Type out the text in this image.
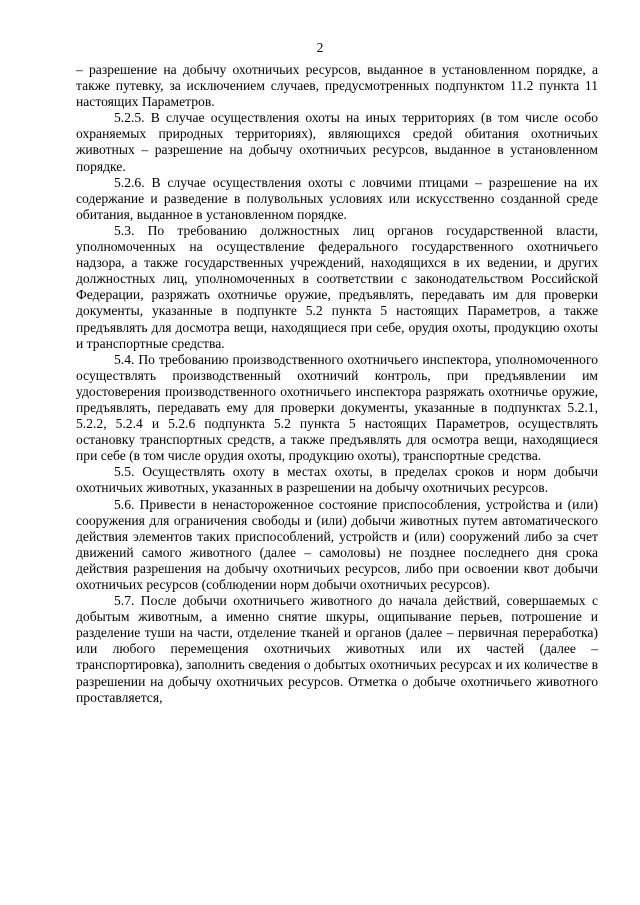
2

– разрешение на добычу охотничьих ресурсов, выданное в установленном порядке, а также путевку, за исключением случаев, предусмотренных подпунктом 11.2 пункта 11 настоящих Параметров.

5.2.5. В случае осуществления охоты на иных территориях (в том числе особо охраняемых природных территориях), являющихся средой обитания охотничьих животных – разрешение на добычу охотничьих ресурсов, выданное в установленном порядке.

5.2.6. В случае осуществления охоты с ловчими птицами – разрешение на их содержание и разведение в полувольных условиях или искусственно созданной среде обитания, выданное в установленном порядке.

5.3. По требованию должностных лиц органов государственной власти, уполномоченных на осуществление федерального государственного охотничьего надзора, а также государственных учреждений, находящихся в их ведении, и других должностных лиц, уполномоченных в соответствии с законодательством Российской Федерации, разряжать охотничье оружие, предъявлять, передавать им для проверки документы, указанные в подпункте 5.2 пункта 5 настоящих Параметров, а также предъявлять для досмотра вещи, находящиеся при себе, орудия охоты, продукцию охоты и транспортные средства.

5.4. По требованию производственного охотничьего инспектора, уполномоченного осуществлять производственный охотничий контроль, при предъявлении им удостоверения производственного охотничьего инспектора разряжать охотничье оружие, предъявлять, передавать ему для проверки документы, указанные в подпунктах 5.2.1, 5.2.2, 5.2.4 и 5.2.6 подпункта 5.2 пункта 5 настоящих Параметров, осуществлять остановку транспортных средств, а также предъявлять для осмотра вещи, находящиеся при себе (в том числе орудия охоты, продукцию охоты), транспортные средства.

5.5. Осуществлять охоту в местах охоты, в пределах сроков и норм добычи охотничьих животных, указанных в разрешении на добычу охотничьих ресурсов.

5.6. Привести в ненастороженное состояние приспособления, устройства и (или) сооружения для ограничения свободы и (или) добычи животных путем автоматического действия элементов таких приспособлений, устройств и (или) сооружений либо за счет движений самого животного (далее – самоловы) не позднее последнего дня срока действия разрешения на добычу охотничьих ресурсов, либо при освоении квот добычи охотничьих ресурсов (соблюдении норм добычи охотничьих ресурсов).

5.7. После добычи охотничьего животного до начала действий, совершаемых с добытым животным, а именно снятие шкуры, ощипывание перьев, потрошение и разделение туши на части, отделение тканей и органов (далее – первичная переработка) или любого перемещения охотничьих животных или их частей (далее – транспортировка), заполнить сведения о добытых охотничьих ресурсах и их количестве в разрешении на добычу охотничьих ресурсов. Отметка о добыче охотничьего животного проставляется,
